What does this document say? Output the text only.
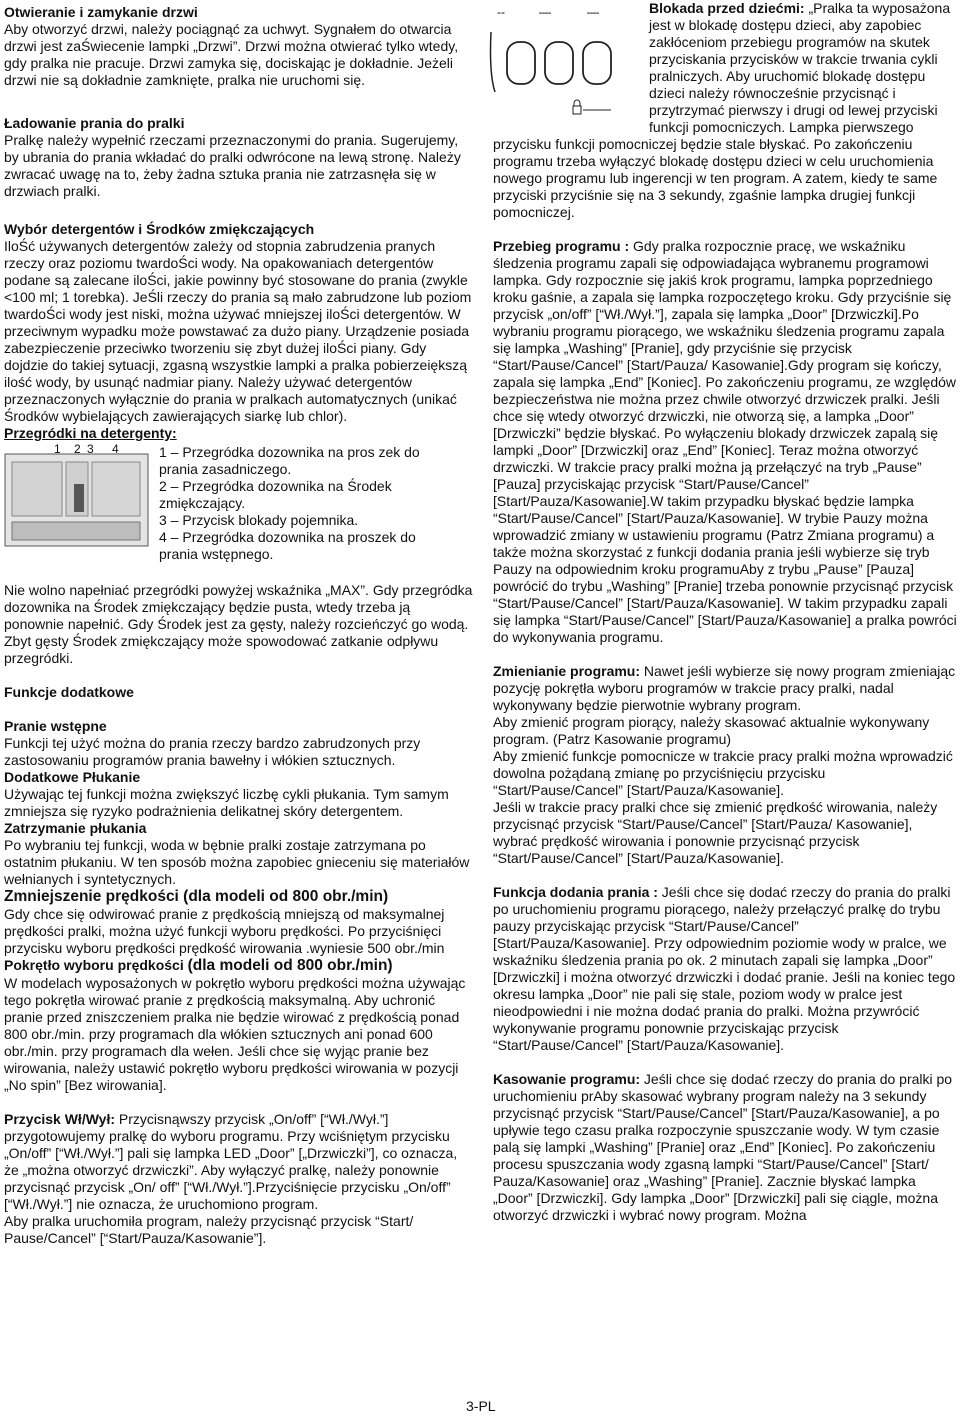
Otwieranie i zamykanie drzwi

Aby otworzyć drzwi, należy pociągnąć za uchwyt. Sygnałem do otwarcia drzwi jest zaŚwiecenie lampki „Drzwi”. Drzwi można otwierać tylko wtedy, gdy pralka nie pracuje. Drzwi zamyka się, dociskając je dokładnie. Jeżeli drzwi nie są dokładnie zamknięte, pralka nie uruchomi się.

Ładowanie prania do pralki

Pralkę należy wypełnić rzeczami przeznaczonymi do prania. Sugerujemy, by ubrania do prania wkładać do pralki odwrócone na lewą stronę. Należy zwracać uwagę na to, żeby żadna sztuka prania nie zatrzasnęła się w drzwiach pralki.

Wybór detergentów i Środków zmiękczających

IloŚć używanych detergentów zależy od stopnia zabrudzenia pranych rzeczy oraz poziomu twardoŚci wody. Na opakowaniach detergentów podane są zalecane iloŚci, jakie powinny być stosowane do prania (zwykle <100 ml; 1 torebka). JeŚli rzeczy do prania są mało zabrudzone lub poziom twardoŚci wody jest niski, można używać mniejszej iloŚci detergentów. W przeciwnym wypadku może powstawać za dużo piany. Urządzenie posiada zabezpieczenie przeciwko tworzeniu się zbyt dużej iloŚci piany. Gdy dojdzie do takiej sytuacji, zgasną wszystkie lampki a pralka pobierzeiększą ilość wody, by usunąć nadmiar piany. Należy używać detergentów przeznaczonych wyłącznie do prania w pralkach automatycznych (unikać Środków wybielających zawierających siarkę lub chlor).

Przegródki na detergenty:
1 2 3 4	1 – Przegródka dozownika na pros zek do prania zasadniczego.

2 – Przegródka dozownika na Środek zmiękczający.

3 – Przycisk blokady pojemnika.

4 – Przegródka dozownika na proszek do prania wstępnego.

Nie wolno napełniać przegródki powyżej wskaźnika „MAX”. Gdy przegródka dozownika na Środek zmiękczający będzie pusta, wtedy trzeba ją ponownie napełnić. Gdy Środek jest za gęsty, należy rozcieńczyć go wodą. Zbyt gęsty Środek zmiękczający może spowodować zatkanie odpływu przegródki.

Funkcje dodatkowe
Pranie wstępne

Funkcji tej użyć można do prania rzeczy bardzo zabrudzonych przy zastosowaniu programów prania bawełny i włókien sztucznych.

Dodatkowe Płukanie

Używając tej funkcji można zwiększyć liczbę cykli płukania. Tym samym zmniejsza się ryzyko podrażnienia delikatnej skóry detergentem.

Zatrzymanie płukania

Po wybraniu tej funkcji, woda w bębnie pralki zostaje zatrzymana po ostatnim płukaniu. W ten sposób można zapobiec gnieceniu się materiałów wełnianych i syntetycznych.

Zmniejszenie prędkości (dla modeli od 800 obr./min)

Gdy chce się odwirować pranie z prędkością mniejszą od maksymalnej prędkości pralki, można użyć funkcji wyboru prędkości. Po przyciśnięci przycisku wyboru prędkości prędkość wirowania .wyniesie 500 obr./min

Pokrętło wyboru prędkości (dla modeli od 800 obr./min)

W modelach wyposażonych w pokrętło wyboru prędkości można używając tego pokrętła wirować pranie z prędkością maksymalną. Aby uchronić pranie przed zniszczeniem pralka nie będzie wirować z prędkością ponad 800 obr./min. przy programach dla włókien sztucznych ani ponad 600 obr./min. przy programach dla wełen. Jeśli chce się wyjąc pranie bez wirowania, należy ustawić pokrętło wyboru prędkości wirowania w pozycji „No spin” [Bez wirowania].

Przycisk Wł/Wył: Przycisnąwszy przycisk „On/off” [“Wł./Wył.”] przygotowujemy pralkę do wyboru programu. Przy wciśniętym przycisku „On/off” [“Wł./Wył.”] pali się lampka LED „Door” [„Drzwiczki”], co oznacza, że „można otworzyć drzwiczki”. Aby wyłączyć pralkę, należy ponownie przycisnąć przycisk „On/ off” [“Wł./Wył.”].Przyciśnięcie przycisku „On/off” [“Wł./Wył.”] nie oznacza, że uruchomiono program.

Aby pralka uruchomiła program, należy przycisnąć przycisk “Start/ Pause/Cancel” [“Start/Pauza/Kasowanie”].

--	—	—	Blokada przed dziećmi: „Pralka ta wyposażona jest w blokadę dostępu dzieci, aby zapobiec zakłóceniom przebiegu programów na skutek przyciskania przycisków w trakcie trwania cykli pralniczych. Aby uruchomić blokadę dostępu dzieci należy równocześnie przycisnąć i przytrzymać pierwszy i drugi od lewej przyciski funkcji pomocniczych. Lampka pierwszego przycisku funkcji pomocniczej będzie stale błyskać. Po zakończeniu programu trzeba wyłączyć blokadę dostępu dzieci w celu uruchomienia nowego programu lub ingerencji w ten program. A zatem, kiedy te same przyciski przyciśnie się na 3 sekundy, zgaśnie lampka drugiej funkcji pomocniczej.

Przebieg programu : Gdy pralka rozpocznie pracę, we wskaźniku śledzenia programu zapali się odpowiadająca wybranemu programowi lampka. Gdy rozpocznie się jakiś krok programu, lampka poprzedniego kroku gaśnie, a zapala się lampka rozpoczętego kroku. Gdy przyciśnie się przycisk „on/off” [“Wł./Wył.”], zapala się lampka „Door” [Drzwiczki].Po wybraniu programu piorącego, we wskaźniku śledzenia programu zapala się lampka „Washing” [Pranie], gdy przyciśnie się przycisk “Start/Pause/Cancel” [Start/Pauza/ Kasowanie].Gdy program się kończy, zapala się lampka „End” [Koniec]. Po zakończeniu programu, ze względów bezpieczeństwa nie można przez chwile otworzyć drzwiczek pralki. Jeśli chce się wtedy otworzyć drzwiczki, nie otworzą się, a lampka „Door” [Drzwiczki” będzie błyskać. Po wyłączeniu blokady drzwiczek zapalą się lampki „Door” [Drzwiczki] oraz „End” [Koniec]. Teraz można otworzyć drzwiczki. W trakcie pracy pralki można ją przełączyć na tryb „Pause” [Pauza] przyciskając przycisk “Start/Pause/Cancel” [Start/Pauza/Kasowanie].W takim przypadku błyskać będzie lampka “Start/Pause/Cancel” [Start/Pauza/Kasowanie]. W trybie Pauzy można wprowadzić zmiany w ustawieniu programu (Patrz Zmiana programu) a także można skorzystać z funkcji dodania prania jeśli wybierze się tryb Pauzy na odpowiednim kroku programuAby z trybu „Pause” [Pauza] powrócić do trybu „Washing” [Pranie] trzeba ponownie przycisnąć przycisk “Start/Pause/Cancel” [Start/Pauza/Kasowanie]. W takim przypadku zapali się lampka “Start/Pause/Cancel” [Start/Pauza/Kasowanie] a pralka powróci do wykonywania programu.

Zmienianie programu: Nawet jeśli wybierze się nowy program zmieniając pozycję pokrętła wyboru programów w trakcie pracy pralki, nadal wykonywany będzie pierwotnie wybrany program.

Aby zmienić program piorący, należy skasować aktualnie wykonywany program. (Patrz Kasowanie programu)

Aby zmienić funkcje pomocnicze w trakcie pracy pralki można wprowadzić dowolna pożądaną zmianę po przyciśnięciu przycisku “Start/Pause/Cancel” [Start/Pauza/Kasowanie].

Jeśli w trakcie pracy pralki chce się zmienić prędkość wirowania, należy przycisnąć przycisk “Start/Pause/Cancel” [Start/Pauza/ Kasowanie], wybrać prędkość wirowania i ponownie przycisnąć przycisk “Start/Pause/Cancel” [Start/Pauza/Kasowanie].

Funkcja dodania prania : Jeśli chce się dodać rzeczy do prania do pralki po uruchomieniu programu piorącego, należy przełączyć pralkę do trybu pauzy przyciskając przycisk “Start/Pause/Cancel” [Start/Pauza/Kasowanie]. Przy odpowiednim poziomie wody w pralce, we wskaźniku śledzenia prania po ok. 2 minutach zapali się lampka „Door” [Drzwiczki] i można otworzyć drzwiczki i dodać pranie. Jeśli na koniec tego okresu lampka „Door” nie pali się stale, poziom wody w pralce jest nieodpowiedni i nie można dodać prania do pralki. Można przywrócić wykonywanie programu ponownie przyciskając przycisk “Start/Pause/Cancel” [Start/Pauza/Kasowanie].

Kasowanie programu: Jeśli chce się dodać rzeczy do prania do pralki po uruchomieniu prAby skasować wybrany program należy na 3 sekundy przycisnąć przycisk “Start/Pause/Cancel” [Start/Pauza/Kasowanie], a po upływie tego czasu pralka rozpoczynie spuszczanie wody. W tym czasie palą się lampki „Washing” [Pranie] oraz „End” [Koniec]. Po zakończeniu procesu spuszczania wody zgasną lampki “Start/Pause/Cancel” [Start/ Pauza/Kasowanie] oraz „Washing” [Pranie]. Zacznie błyskać lampka „Door” [Drzwiczki]. Gdy lampka „Door” [Drzwiczki] pali się ciągle, można otworzyć drzwiczki i wybrać nowy program. Można

3-PL
